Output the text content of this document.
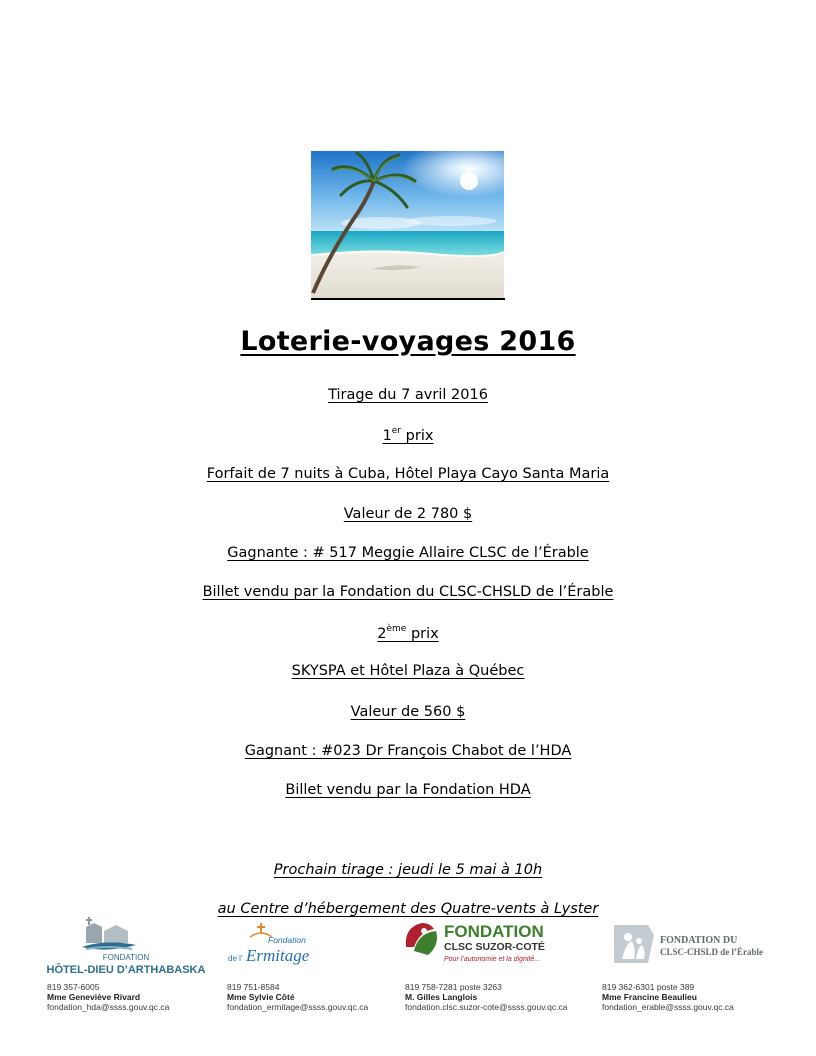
Loterie-voyages 2016
Tirage du 7 avril 2016
1er prix
Forfait de 7 nuits à Cuba, Hôtel Playa Cayo Santa Maria
Valeur de 2 780 $
Gagnante : # 517 Meggie Allaire CLSC de l’Érable
Billet vendu par la Fondation du CLSC-CHSLD de l’Érable
2ème prix
SKYSPA et Hôtel Plaza à Québec
Valeur de 560 $
Gagnant : #023 Dr François Chabot de l’HDA
Billet vendu par la Fondation HDA
Prochain tirage : jeudi le 5 mai à 10h
au Centre d’hébergement des Quatre-vents à Lyster
FONDATION
HÔTEL-DIEU D’ARTHABASKA
Fondation
de l’ Ermitage
FONDATION
CLSC SUZOR-COTÉ
Pour l’autonomie et la dignité...
FONDATION DU
CLSC-CHSLD de l’Érable
819 357-6005
Mme Geneviève Rivard
fondation_hda@ssss.gouv.qc.ca
819 751-8584
Mme Sylvie Côté
fondation_ermitage@ssss.gouv.qc.ca
819 758-7281 poste 3263
M. Gilles Langlois
fondation.clsc.suzor-cote@ssss.gouv.qc.ca
819 362-6301 poste 389
Mme Francine Beaulieu
fondation_erable@ssss.gouv.qc.ca
